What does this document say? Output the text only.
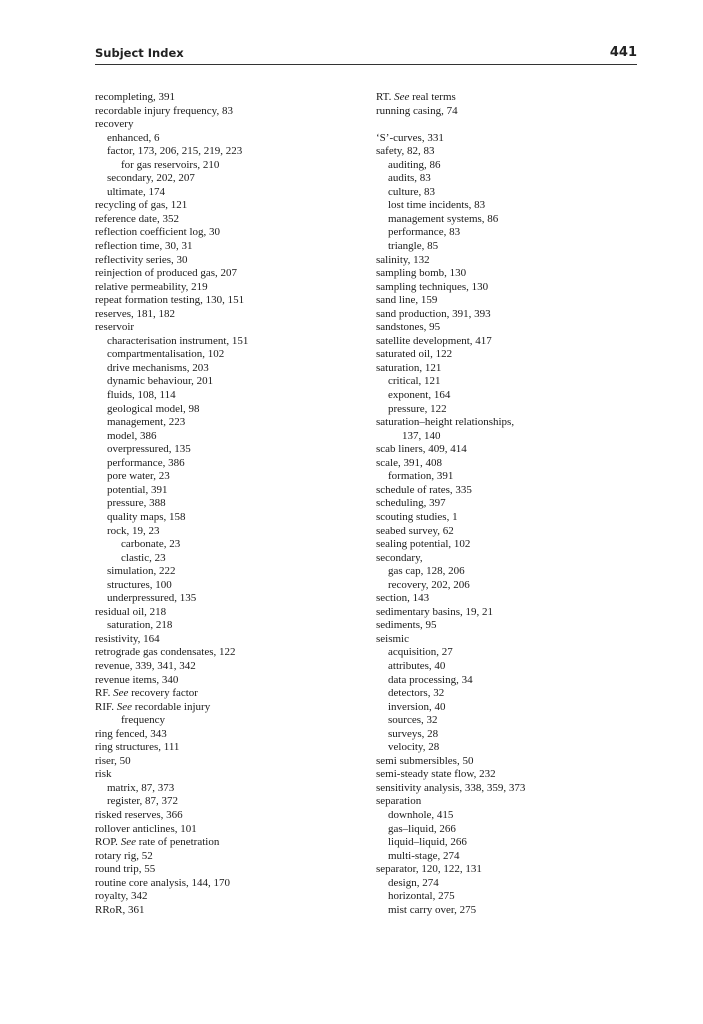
Subject Index	441
recompleting, 391
recordable injury frequency, 83
recovery
enhanced, 6
factor, 173, 206, 215, 219, 223
for gas reservoirs, 210
secondary, 202, 207
ultimate, 174
recycling of gas, 121
reference date, 352
reflection coefficient log, 30
reflection time, 30, 31
reflectivity series, 30
reinjection of produced gas, 207
relative permeability, 219
repeat formation testing, 130, 151
reserves, 181, 182
reservoir
characterisation instrument, 151
compartmentalisation, 102
drive mechanisms, 203
dynamic behaviour, 201
fluids, 108, 114
geological model, 98
management, 223
model, 386
overpressured, 135
performance, 386
pore water, 23
potential, 391
pressure, 388
quality maps, 158
rock, 19, 23
carbonate, 23
clastic, 23
simulation, 222
structures, 100
underpressured, 135
residual oil, 218
saturation, 218
resistivity, 164
retrograde gas condensates, 122
revenue, 339, 341, 342
revenue items, 340
RF. See recovery factor
RIF. See recordable injury
frequency
ring fenced, 343
ring structures, 111
riser, 50
risk
matrix, 87, 373
register, 87, 372
risked reserves, 366
rollover anticlines, 101
ROP. See rate of penetration
rotary rig, 52
round trip, 55
routine core analysis, 144, 170
royalty, 342
RRoR, 361
RT. See real terms
running casing, 74
‘S’-curves, 331
safety, 82, 83
auditing, 86
audits, 83
culture, 83
lost time incidents, 83
management systems, 86
performance, 83
triangle, 85
salinity, 132
sampling bomb, 130
sampling techniques, 130
sand line, 159
sand production, 391, 393
sandstones, 95
satellite development, 417
saturated oil, 122
saturation, 121
critical, 121
exponent, 164
pressure, 122
saturation–height relationships,
137, 140
scab liners, 409, 414
scale, 391, 408
formation, 391
schedule of rates, 335
scheduling, 397
scouting studies, 1
seabed survey, 62
sealing potential, 102
secondary,
gas cap, 128, 206
recovery, 202, 206
section, 143
sedimentary basins, 19, 21
sediments, 95
seismic
acquisition, 27
attributes, 40
data processing, 34
detectors, 32
inversion, 40
sources, 32
surveys, 28
velocity, 28
semi submersibles, 50
semi-steady state flow, 232
sensitivity analysis, 338, 359, 373
separation
downhole, 415
gas–liquid, 266
liquid–liquid, 266
multi-stage, 274
separator, 120, 122, 131
design, 274
horizontal, 275
mist carry over, 275
